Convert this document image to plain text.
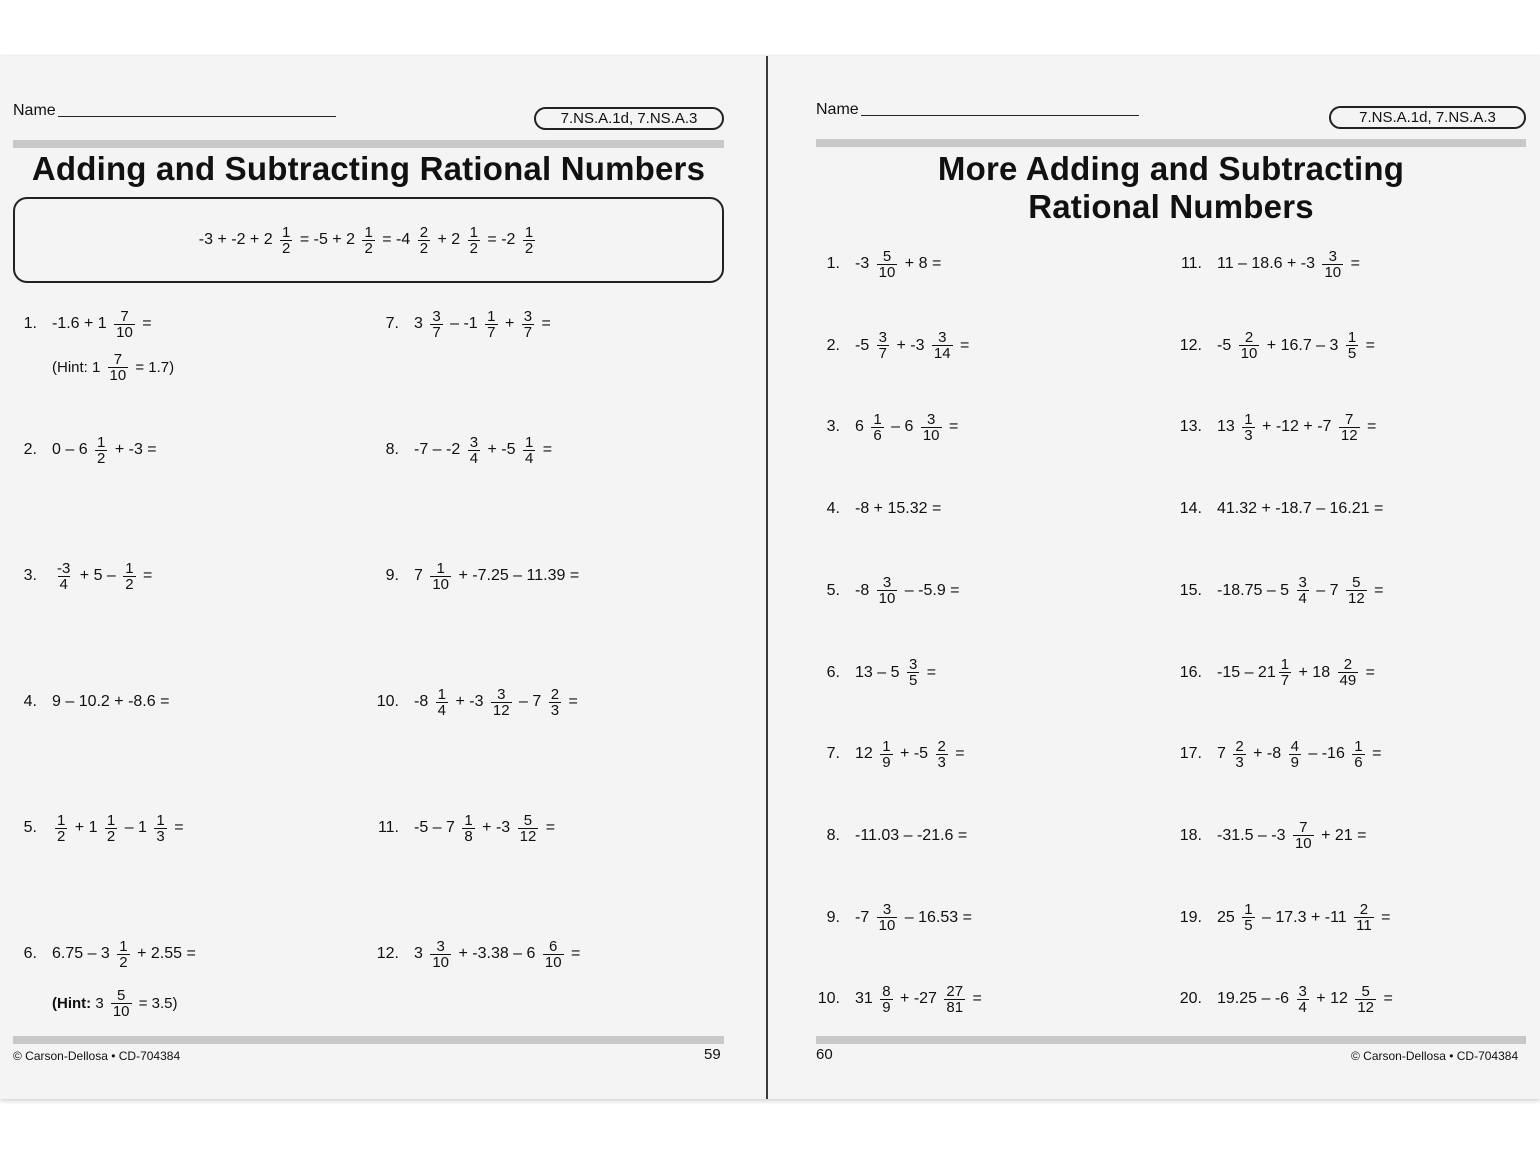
Name	7.NS.A.1d, 7.NS.A.3
Adding and Subtracting Rational Numbers
$-3 + -2 + 2 \frac{1}{2} = -5 + 2 \frac{1}{2} = -4 \frac{2}{2} + 2 \frac{1}{2} = -2 \frac{1}{2}$
1. $-1.6 + 1 \frac{7}{10}$ =
2. $0 - 6 \frac{1}{2} + -3$ =
3. $\frac{-3}{4} + 5 - \frac{1}{2}$ =
4. 9 – 10.2 + -8.6 =
5. $\frac{1}{2} + 1 \frac{1}{2} - 1 \frac{1}{3}$ =
6. $6.75 - 3 \frac{1}{2} + 2.55$ =
7. $3 \frac{3}{7} - -1 \frac{1}{7} + \frac{3}{7}$ =
8. $-7 - -2 \frac{3}{4} + -5 \frac{1}{4}$ =
9. $7 \frac{1}{10} + -7.25 - 11.39$ =
10. $-8 \frac{1}{4} + -3 \frac{3}{12} - 7 \frac{2}{3}$ =
11. $-5 - 7 \frac{1}{8} + -3 \frac{5}{12}$ =
12. $3 \frac{3}{10} + -3.38 - 6 \frac{6}{10}$ =
(Hint: $1 \frac{7}{10} = 1.7$)
(Hint: $3 \frac{5}{10} = 3.5$)
© Carson-Dellosa • CD-704384	59
Name	7.NS.A.1d, 7.NS.A.3
More Adding and Subtracting
Rational Numbers
1. $-3 \frac{5}{10} + 8$ =
2. $-5 \frac{3}{7} + -3 \frac{3}{14}$ =
3. $6 \frac{1}{6} - 6 \frac{3}{10}$ =
4. -8 + 15.32 =
5. $-8 \frac{3}{10} - -5.9$ =
6. $13 - 5 \frac{3}{5}$ =
7. $12 \frac{1}{9} + -5 \frac{2}{3}$ =
8. -11.03 – -21.6 =
9. $-7 \frac{3}{10} - 16.53$ =
10. $31 \frac{8}{9} + -27 \frac{27}{81}$ =
11. $11 - 18.6 + -3 \frac{3}{10}$ =
12. $-5 \frac{2}{10} + 16.7 - 3 \frac{1}{5}$ =
13. $13 \frac{1}{3} + -12 + -7 \frac{7}{12}$ =
14. 41.32 + -18.7 – 16.21 =
15. $-18.75 - 5 \frac{3}{4} - 7 \frac{5}{12}$ =
16. $-15 - 21 \frac{1}{7} + 18 \frac{2}{49}$ =
17. $7 \frac{2}{3} + -8 \frac{4}{9} - -16 \frac{1}{6}$ =
18. $-31.5 - -3 \frac{7}{10} + 21$ =
19. $25 \frac{1}{5} - 17.3 + -11 \frac{2}{11}$ =
20. $19.25 - -6 \frac{3}{4} + 12 \frac{5}{12}$ =
60	© Carson-Dellosa • CD-704384
